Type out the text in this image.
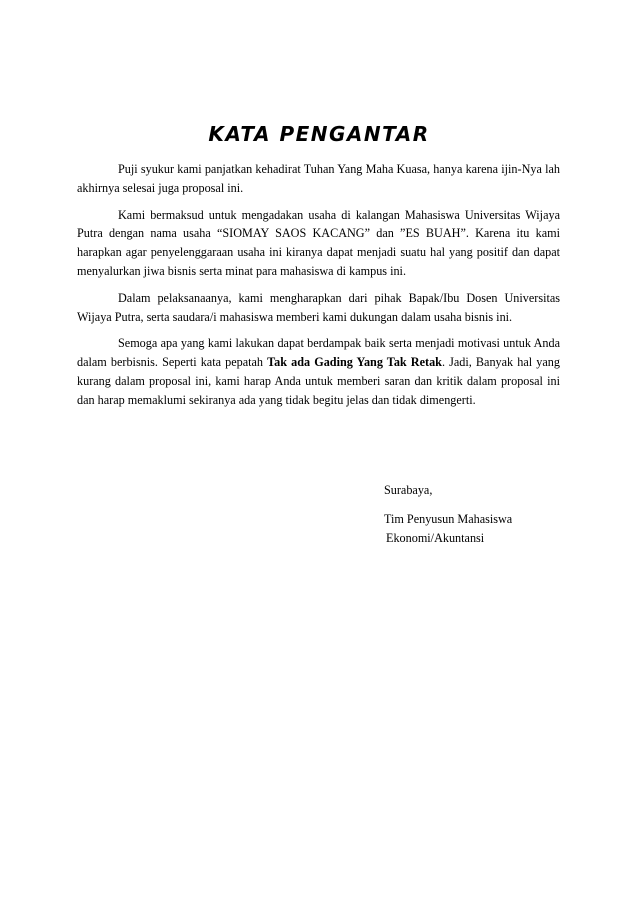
KATA PENGANTAR

Puji syukur kami panjatkan kehadirat Tuhan Yang Maha Kuasa, hanya karena ijin-Nya lah akhirnya selesai juga proposal ini.

Kami bermaksud untuk mengadakan usaha di kalangan Mahasiswa Universitas Wijaya Putra dengan nama usaha “SIOMAY SAOS KACANG” dan ”ES BUAH”. Karena itu kami harapkan agar penyelenggaraan usaha ini kiranya dapat menjadi suatu hal yang positif dan dapat menyalurkan jiwa bisnis serta minat para mahasiswa di kampus ini.

Dalam pelaksanaanya, kami mengharapkan dari pihak Bapak/Ibu Dosen Universitas Wijaya Putra, serta saudara/i mahasiswa memberi kami dukungan dalam usaha bisnis ini.

Semoga apa yang kami lakukan dapat berdampak baik serta menjadi motivasi untuk Anda dalam berbisnis. Seperti kata pepatah Tak ada Gading Yang Tak Retak. Jadi, Banyak hal yang kurang dalam proposal ini, kami harap Anda untuk memberi saran dan kritik dalam proposal ini dan harap memaklumi sekiranya ada yang tidak begitu jelas dan tidak dimengerti.

Surabaya,
Tim Penyusun Mahasiswa
Ekonomi/Akuntansi
